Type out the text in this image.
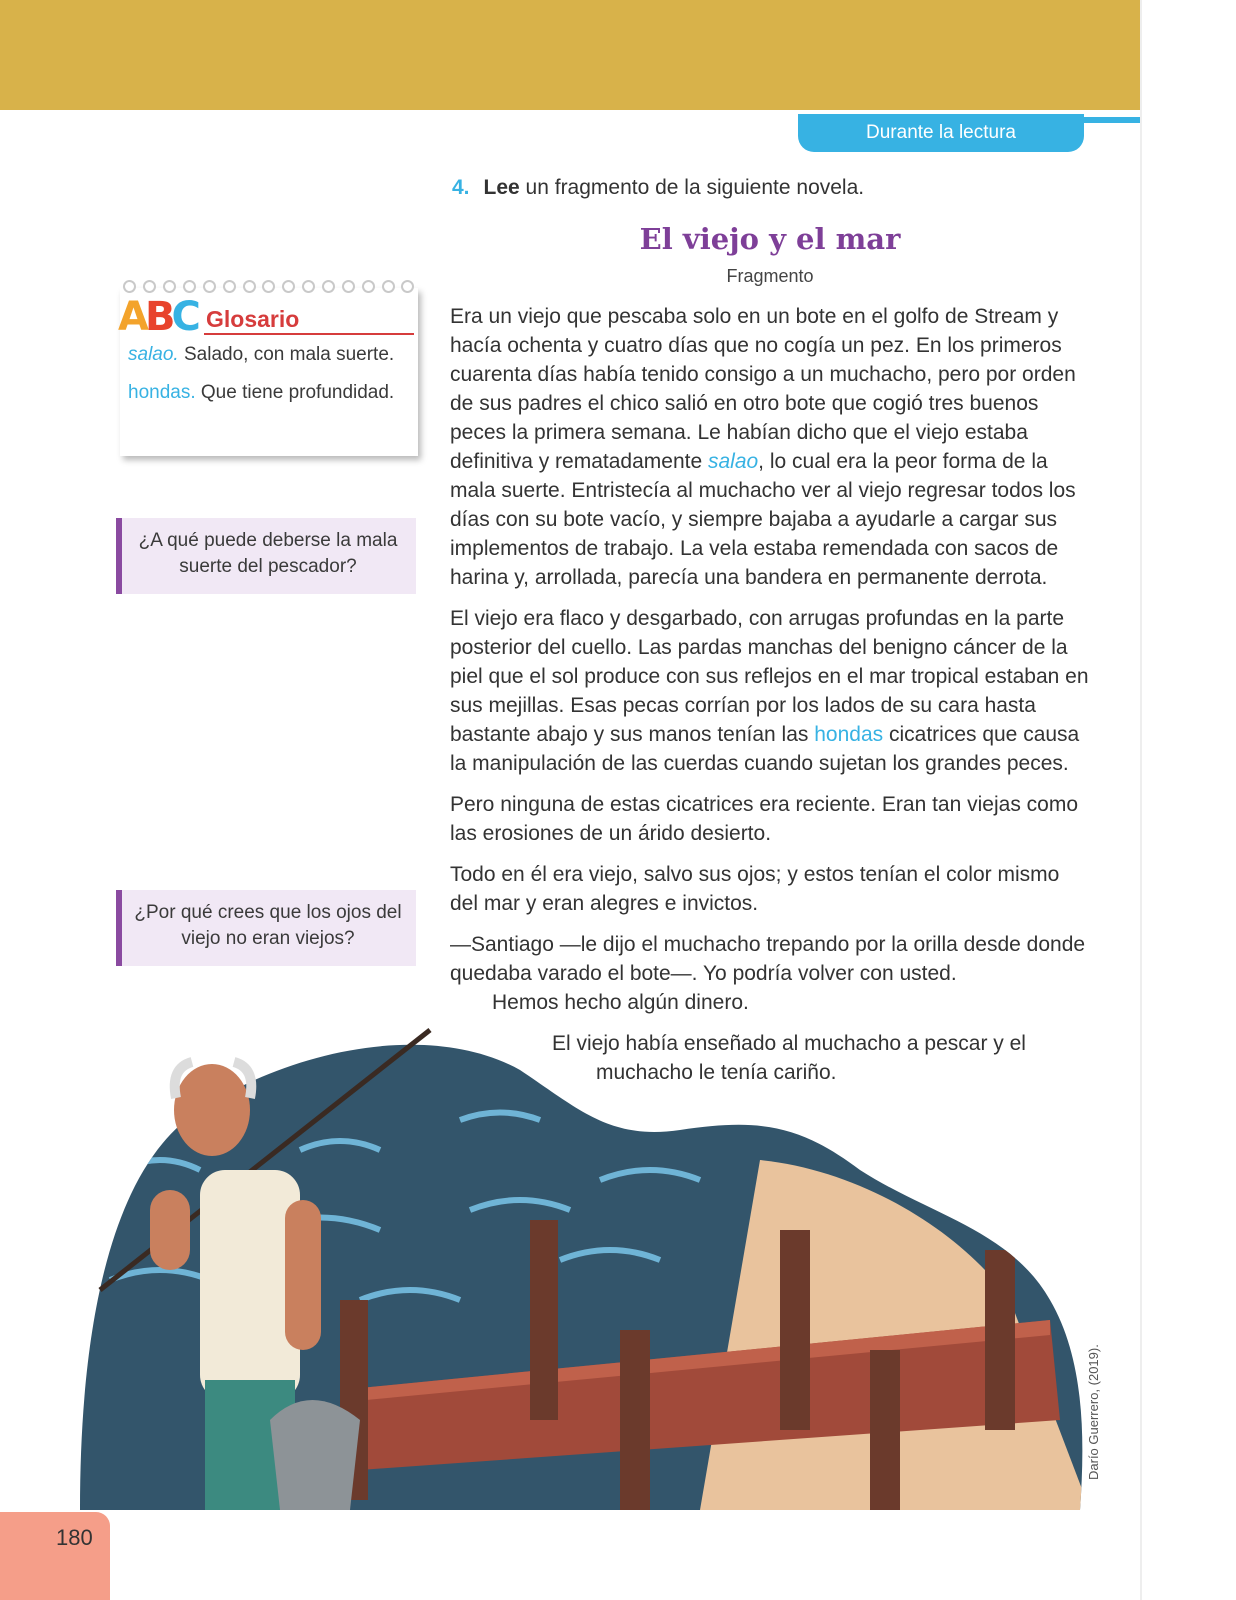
Durante la lectura
4. Lee un fragmento de la siguiente novela.
El viejo y el mar
Fragmento

Era un viejo que pescaba solo en un bote en el golfo de Stream y hacía ochenta y cuatro días que no cogía un pez. En los primeros cuarenta días había tenido consigo a un muchacho, pero por orden de sus padres el chico salió en otro bote que cogió tres buenos peces la primera semana. Le habían dicho que el viejo estaba definitiva y rematadamente salao, lo cual era la peor forma de la mala suerte. Entristecía al muchacho ver al viejo regresar todos los días con su bote vacío, y siempre bajaba a ayudarle a cargar sus implementos de trabajo. La vela estaba remendada con sacos de harina y, arrollada, parecía una bandera en permanente derrota.

El viejo era flaco y desgarbado, con arrugas profundas en la parte posterior del cuello. Las pardas manchas del benigno cáncer de la piel que el sol produce con sus reflejos en el mar tropical estaban en sus mejillas. Esas pecas corrían por los lados de su cara hasta bastante abajo y sus manos tenían las hondas cicatrices que causa la manipulación de las cuerdas cuando sujetan los grandes peces.

Pero ninguna de estas cicatrices era reciente. Eran tan viejas como las erosiones de un árido desierto.

Todo en él era viejo, salvo sus ojos; y estos tenían el color mismo del mar y eran alegres e invictos.

—Santiago —le dijo el muchacho trepando por la orilla desde donde quedaba varado el bote—. Yo podría volver con usted.
Hemos hecho algún dinero.

El viejo había enseñado al muchacho a pescar y el
muchacho le tenía cariño.

ABC Glosario
salao. Salado, con mala suerte.
hondas. Que tiene profundidad.
¿A qué puede deberse la mala suerte del pescador?
¿Por qué crees que los ojos del viejo no eran viejos?
180
Darío Guerrero, (2019).
